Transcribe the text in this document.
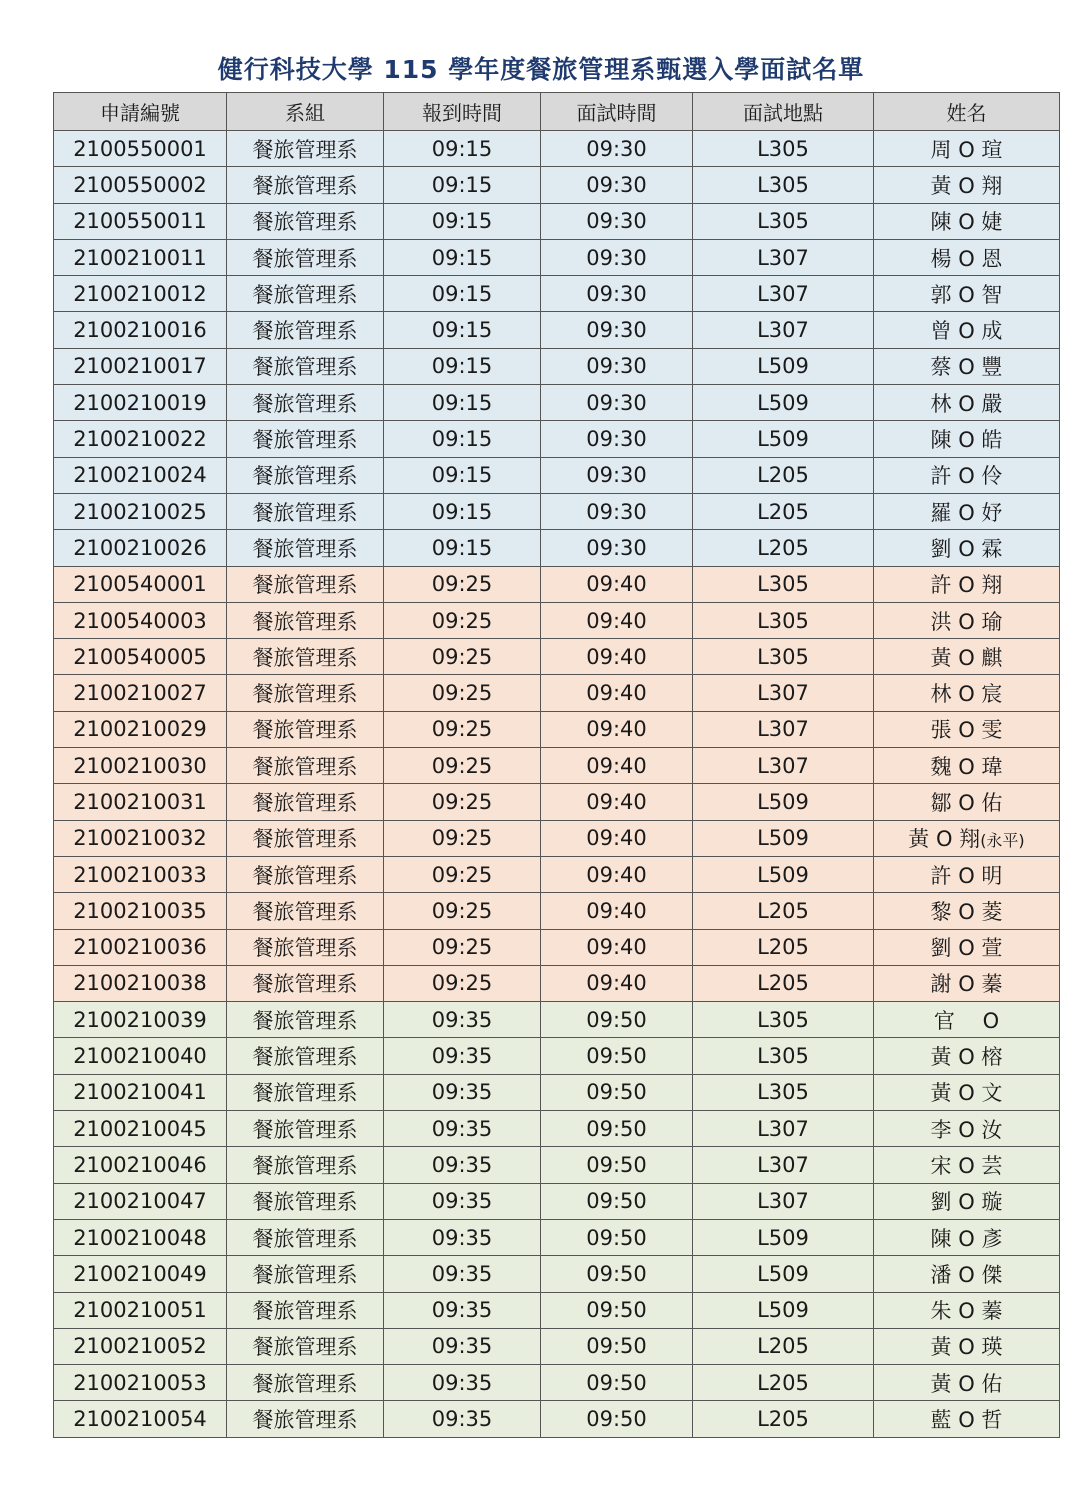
健行科技大學 115 學年度餐旅管理系甄選入學面試名單
申請編號	系組	報到時間	面試時間	面試地點	姓名
2100550001	餐旅管理系	09:15	09:30	L305	周 O 瑄
2100550002	餐旅管理系	09:15	09:30	L305	黃 O 翔
2100550011	餐旅管理系	09:15	09:30	L305	陳 O 婕
2100210011	餐旅管理系	09:15	09:30	L307	楊 O 恩
2100210012	餐旅管理系	09:15	09:30	L307	郭 O 智
2100210016	餐旅管理系	09:15	09:30	L307	曾 O 成
2100210017	餐旅管理系	09:15	09:30	L509	蔡 O 豐
2100210019	餐旅管理系	09:15	09:30	L509	林 O 嚴
2100210022	餐旅管理系	09:15	09:30	L509	陳 O 皓
2100210024	餐旅管理系	09:15	09:30	L205	許 O 伶
2100210025	餐旅管理系	09:15	09:30	L205	羅 O 妤
2100210026	餐旅管理系	09:15	09:30	L205	劉 O 霖
2100540001	餐旅管理系	09:25	09:40	L305	許 O 翔
2100540003	餐旅管理系	09:25	09:40	L305	洪 O 瑜
2100540005	餐旅管理系	09:25	09:40	L305	黃 O 麒
2100210027	餐旅管理系	09:25	09:40	L307	林 O 宸
2100210029	餐旅管理系	09:25	09:40	L307	張 O 雯
2100210030	餐旅管理系	09:25	09:40	L307	魏 O 瑋
2100210031	餐旅管理系	09:25	09:40	L509	鄒 O 佑
2100210032	餐旅管理系	09:25	09:40	L509	黃 O 翔(永平)
2100210033	餐旅管理系	09:25	09:40	L509	許 O 明
2100210035	餐旅管理系	09:25	09:40	L205	黎 O 菱
2100210036	餐旅管理系	09:25	09:40	L205	劉 O 萱
2100210038	餐旅管理系	09:25	09:40	L205	謝 O 蓁
2100210039	餐旅管理系	09:35	09:50	L305	官 　O
2100210040	餐旅管理系	09:35	09:50	L305	黃 O 榕
2100210041	餐旅管理系	09:35	09:50	L305	黃 O 文
2100210045	餐旅管理系	09:35	09:50	L307	李 O 汝
2100210046	餐旅管理系	09:35	09:50	L307	宋 O 芸
2100210047	餐旅管理系	09:35	09:50	L307	劉 O 璇
2100210048	餐旅管理系	09:35	09:50	L509	陳 O 彥
2100210049	餐旅管理系	09:35	09:50	L509	潘 O 傑
2100210051	餐旅管理系	09:35	09:50	L509	朱 O 蓁
2100210052	餐旅管理系	09:35	09:50	L205	黃 O 瑛
2100210053	餐旅管理系	09:35	09:50	L205	黃 O 佑
2100210054	餐旅管理系	09:35	09:50	L205	藍 O 哲
